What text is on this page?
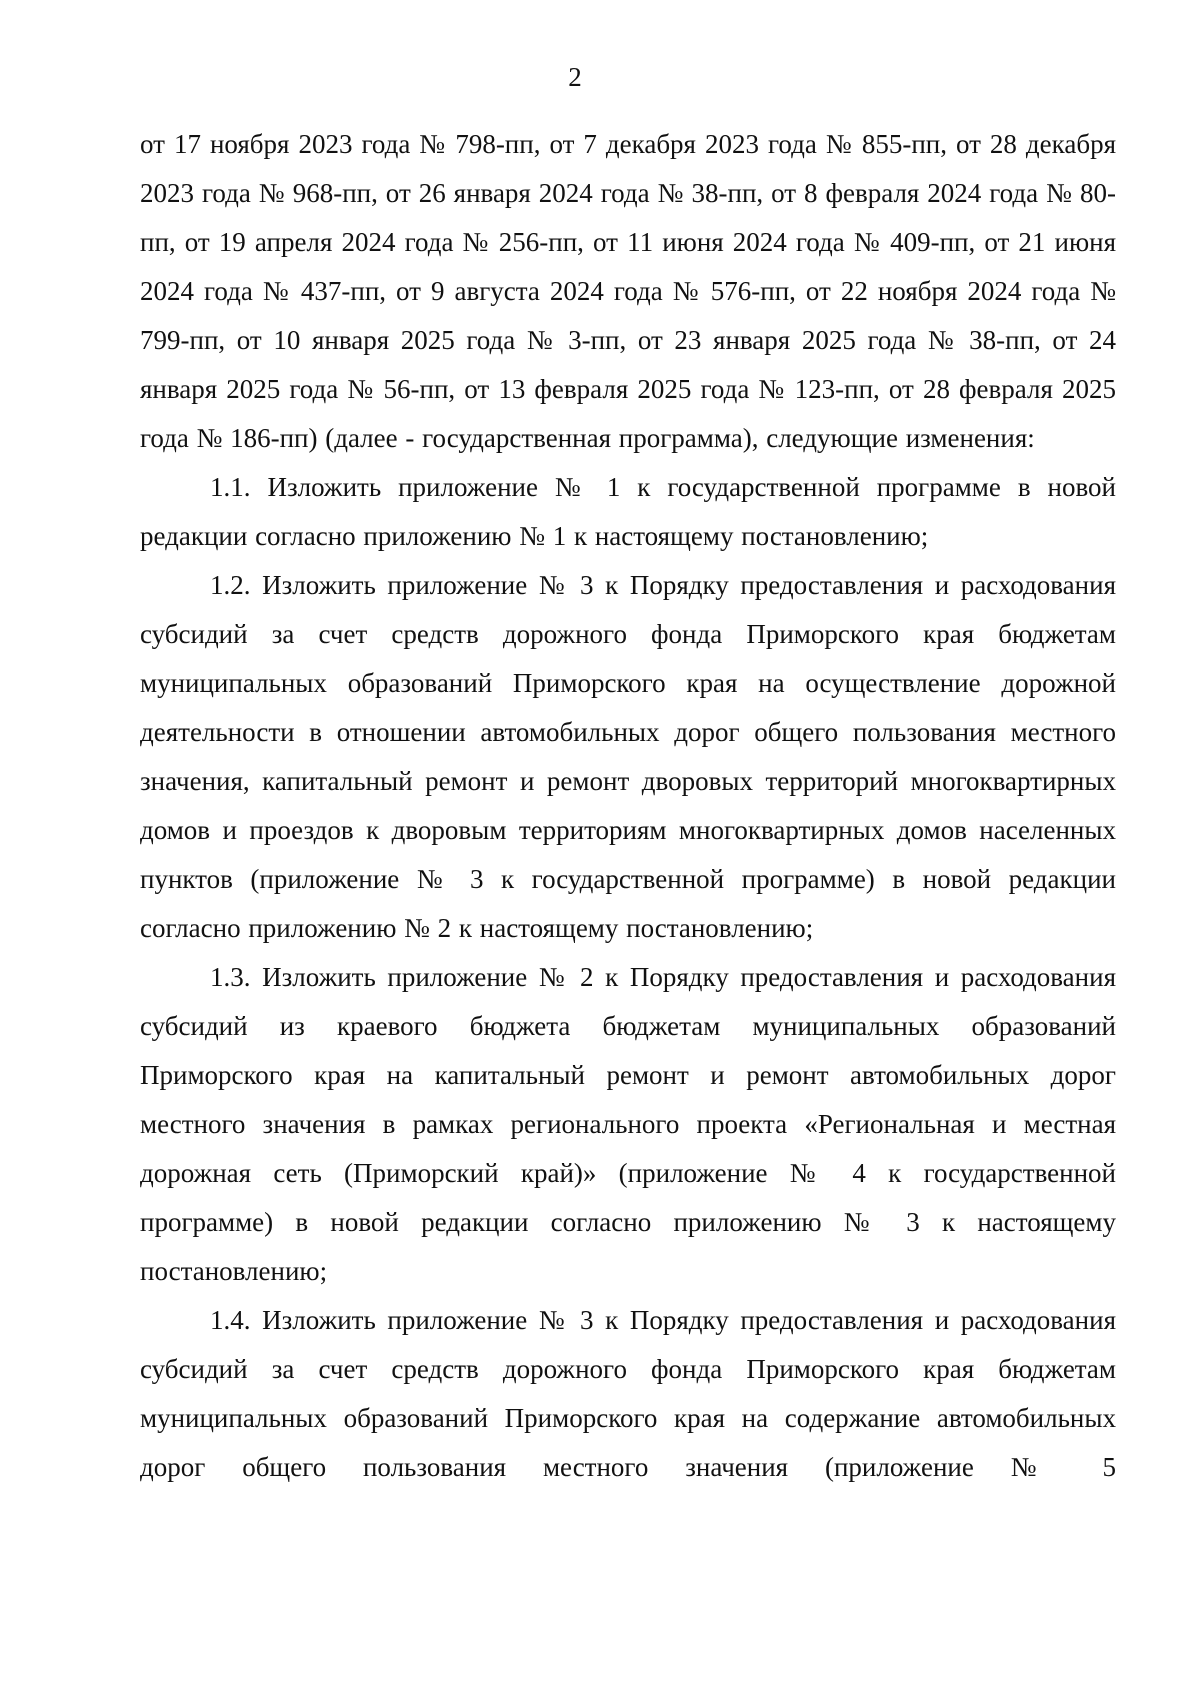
2

от 17 ноября 2023 года № 798-пп, от 7 декабря 2023 года № 855-пп, от 28 декабря 2023 года № 968-пп, от 26 января 2024 года № 38-пп, от 8 февраля 2024 года № 80-пп, от 19 апреля 2024 года № 256-пп, от 11 июня 2024 года № 409-пп, от 21 июня 2024 года № 437-пп, от 9 августа 2024 года № 576-пп, от 22 ноября 2024 года № 799-пп, от 10 января 2025 года № 3-пп, от 23 января 2025 года № 38-пп, от 24 января 2025 года № 56-пп, от 13 февраля 2025 года № 123-пп, от 28 февраля 2025 года № 186-пп) (далее - государственная программа), следующие изменения:

1.1. Изложить приложение № 1 к государственной программе в новой редакции согласно приложению № 1 к настоящему постановлению;

1.2. Изложить приложение № 3 к Порядку предоставления и расходования субсидий за счет средств дорожного фонда Приморского края бюджетам муниципальных образований Приморского края на осуществление дорожной деятельности в отношении автомобильных дорог общего пользования местного значения, капитальный ремонт и ремонт дворовых территорий многоквартирных домов и проездов к дворовым территориям многоквартирных домов населенных пунктов (приложение № 3 к государственной программе) в новой редакции согласно приложению № 2 к настоящему постановлению;

1.3. Изложить приложение № 2 к Порядку предоставления и расходования субсидий из краевого бюджета бюджетам муниципальных образований Приморского края на капитальный ремонт и ремонт автомобильных дорог местного значения в рамках регионального проекта «Региональная и местная дорожная сеть (Приморский край)» (приложение № 4 к государственной программе) в новой редакции согласно приложению № 3 к настоящему постановлению;

1.4. Изложить приложение № 3 к Порядку предоставления и расходования субсидий за счет средств дорожного фонда Приморского края бюджетам муниципальных образований Приморского края на содержание автомобильных дорог общего пользования местного значения (приложение № 5
